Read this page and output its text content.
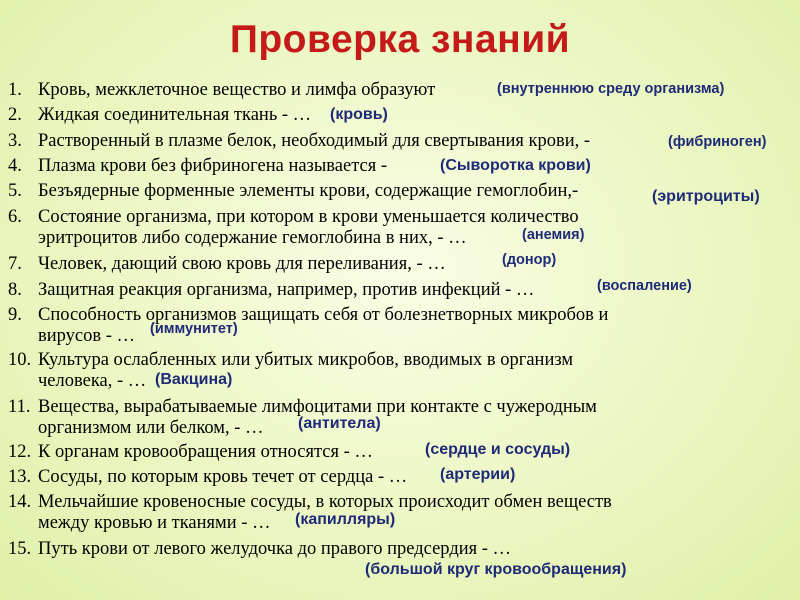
Проверка знаний
1. Кровь, межклеточное вещество и лимфа образуют	(внутреннюю среду организма)
2. Жидкая соединительная ткань - … (кровь)
3. Растворенный в плазме белок, необходимый для свертывания крови, -	(фибриноген)
4. Плазма крови без фибриногена называется -	(Сыворотка крови)
5. Безъядерные форменные элементы крови, содержащие гемоглобин,-	(эритроциты)
6. Состояние организма, при котором в крови уменьшается количество
эритроцитов либо содержание гемоглобина в них, - …	(анемия)
7. Человек, дающий свою кровь для переливания, - …	(донор)
8. Защитная реакция организма, например, против инфекций - …	(воспаление)
9. Способность организмов защищать себя от болезнетворных микробов и
вирусов - …	(иммунитет)
10. Культура ослабленных или убитых микробов, вводимых в организм
человека, - … (Вакцина)
11. Вещества, вырабатываемые лимфоцитами при контакте с чужеродным
организмом или белком, - …	(антитела)
12. К органам кровообращения относятся - …	(сердце и сосуды)
13. Сосуды, по которым кровь течет от сердца - … (артерии)
14. Мельчайшие кровеносные сосуды, в которых происходит обмен веществ
между кровью и тканями - …	(капилляры)
15. Путь крови от левого желудочка до правого предсердия - …
(большой круг кровообращения)
